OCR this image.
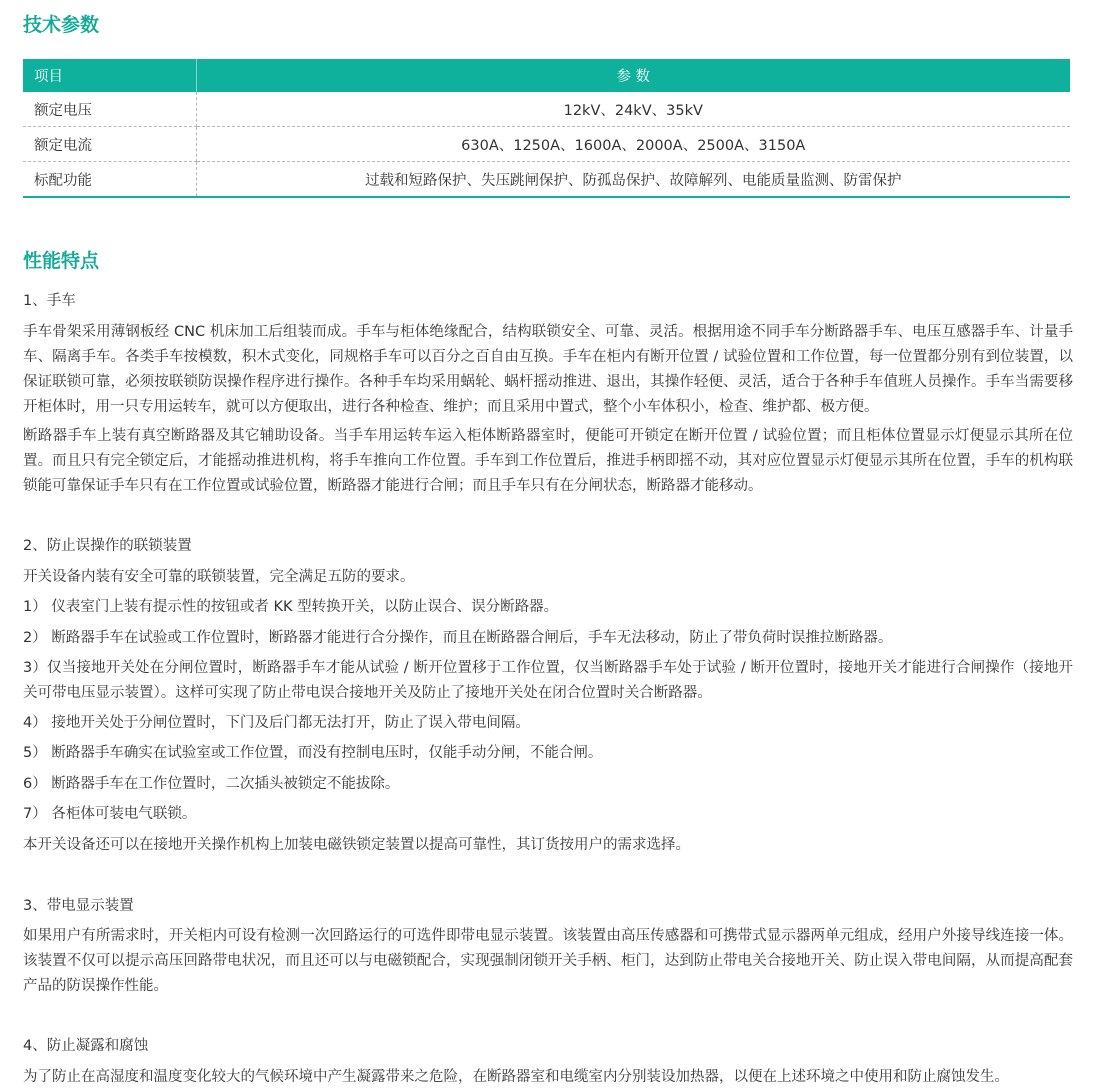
技术参数
项目	参 数
额定电压	12kV、24kV、35kV
额定电流	630A、1250A、1600A、2000A、2500A、3150A
标配功能	过载和短路保护、失压跳闸保护、防孤岛保护、故障解列、电能质量监测、防雷保护
性能特点

1、手车

手车骨架采用薄钢板经 CNC 机床加工后组装而成。手车与柜体绝缘配合，结构联锁安全、可靠、灵活。根据用途不同手车分断路器手车、电压互感器手车、计量手车、隔离手车。各类手车按模数，积木式变化，同规格手车可以百分之百自由互换。手车在柜内有断开位置 / 试验位置和工作位置，每一位置都分别有到位装置，以保证联锁可靠，必须按联锁防误操作程序进行操作。各种手车均采用蜗轮、蜗杆摇动推进、退出，其操作轻便、灵活，适合于各种手车值班人员操作。手车当需要移开柜体时，用一只专用运转车，就可以方便取出，进行各种检查、维护；而且采用中置式，整个小车体积小，检查、维护都、极方便。

断路器手车上装有真空断路器及其它辅助设备。当手车用运转车运入柜体断路器室时，便能可开锁定在断开位置 / 试验位置；而且柜体位置显示灯便显示其所在位置。而且只有完全锁定后，才能摇动推进机构，将手车推向工作位置。手车到工作位置后，推进手柄即摇不动，其对应位置显示灯便显示其所在位置，手车的机构联锁能可靠保证手车只有在工作位置或试验位置，断路器才能进行合闸；而且手车只有在分闸状态，断路器才能移动。

2、防止误操作的联锁装置

开关设备内装有安全可靠的联锁装置，完全满足五防的要求。

1） 仪表室门上装有提示性的按钮或者 KK 型转换开关，以防止误合、误分断路器。

2） 断路器手车在试验或工作位置时，断路器才能进行合分操作，而且在断路器合闸后，手车无法移动，防止了带负荷时误推拉断路器。

3）仅当接地开关处在分闸位置时，断路器手车才能从试验 / 断开位置移于工作位置，仅当断路器手车处于试验 / 断开位置时，接地开关才能进行合闸操作（接地开关可带电压显示装置）。这样可实现了防止带电误合接地开关及防止了接地开关处在闭合位置时关合断路器。

4） 接地开关处于分闸位置时，下门及后门都无法打开，防止了误入带电间隔。

5） 断路器手车确实在试验室或工作位置，而没有控制电压时，仅能手动分闸，不能合闸。

6） 断路器手车在工作位置时，二次插头被锁定不能拔除。

7） 各柜体可装电气联锁。

本开关设备还可以在接地开关操作机构上加装电磁铁锁定装置以提高可靠性，其订货按用户的需求选择。

3、带电显示装置

如果用户有所需求时，开关柜内可设有检测一次回路运行的可选件即带电显示装置。该装置由高压传感器和可携带式显示器两单元组成，经用户外接导线连接一体。该装置不仅可以提示高压回路带电状况，而且还可以与电磁锁配合，实现强制闭锁开关手柄、柜门，达到防止带电关合接地开关、防止误入带电间隔，从而提高配套产品的防误操作性能。

4、防止凝露和腐蚀

为了防止在高湿度和温度变化较大的气候环境中产生凝露带来之危险，在断路器室和电缆室内分别装设加热器，以便在上述环境之中使用和防止腐蚀发生。
